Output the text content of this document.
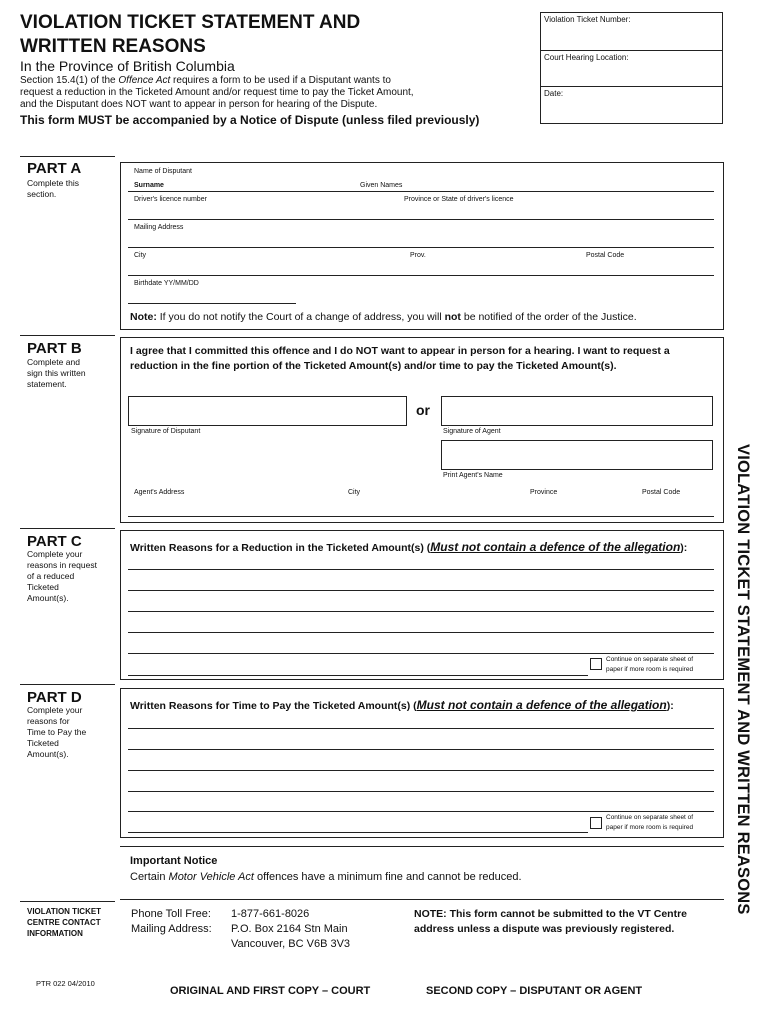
VIOLATION TICKET STATEMENT AND
WRITTEN REASONS
In the Province of British Columbia
Section 15.4(1) of the Offence Act requires a form to be used if a Disputant wants to
request a reduction in the Ticketed Amount and/or request time to pay the Ticket Amount,
and the Disputant does NOT want to appear in person for hearing of the Dispute.
This form MUST be accompanied by a Notice of Dispute (unless filed previously)
Violation Ticket Number:
Court Hearing Location:
Date:
PART A
Complete this section.
Name of Disputant
Surname	Given Names
Driver's licence number	Province or State of driver's licence
Mailing Address
City	Prov.	Postal Code
Birthdate YY/MM/DD
Note: If you do not notify the Court of a change of address, you will not be notified of the order of the Justice.
PART B
Complete and sign this written statement.
I agree that I committed this offence and I do NOT want to appear in person for a hearing. I want to request a
reduction in the fine portion of the Ticketed Amount(s) and/or time to pay the Ticketed Amount(s).
or
Signature of Disputant	Signature of Agent
Print Agent's Name
Agent's Address	City	Province	Postal Code
PART C
Complete your reasons in request of a reduced Ticketed Amount(s).
Written Reasons for a Reduction in the Ticketed Amount(s) (Must not contain a defence of the allegation):
Continue on separate sheet of
paper if more room is required
PART D
Complete your reasons for Time to Pay the Ticketed Amount(s).
Written Reasons for Time to Pay the Ticketed Amount(s) (Must not contain a defence of the allegation):
Continue on separate sheet of
paper if more room is required
Important Notice
Certain Motor Vehicle Act offences have a minimum fine and cannot be reduced.
VIOLATION TICKET CENTRE CONTACT INFORMATION
Phone Toll Free: 1-877-661-8026
Mailing Address: P.O. Box 2164 Stn Main
Vancouver, BC V6B 3V3
NOTE: This form cannot be submitted to the VT Centre
address unless a dispute was previously registered.
PTR 022 04/2010
ORIGINAL AND FIRST COPY – COURT	SECOND COPY – DISPUTANT OR AGENT
VIOLATION TICKET STATEMENT AND WRITTEN REASONS
